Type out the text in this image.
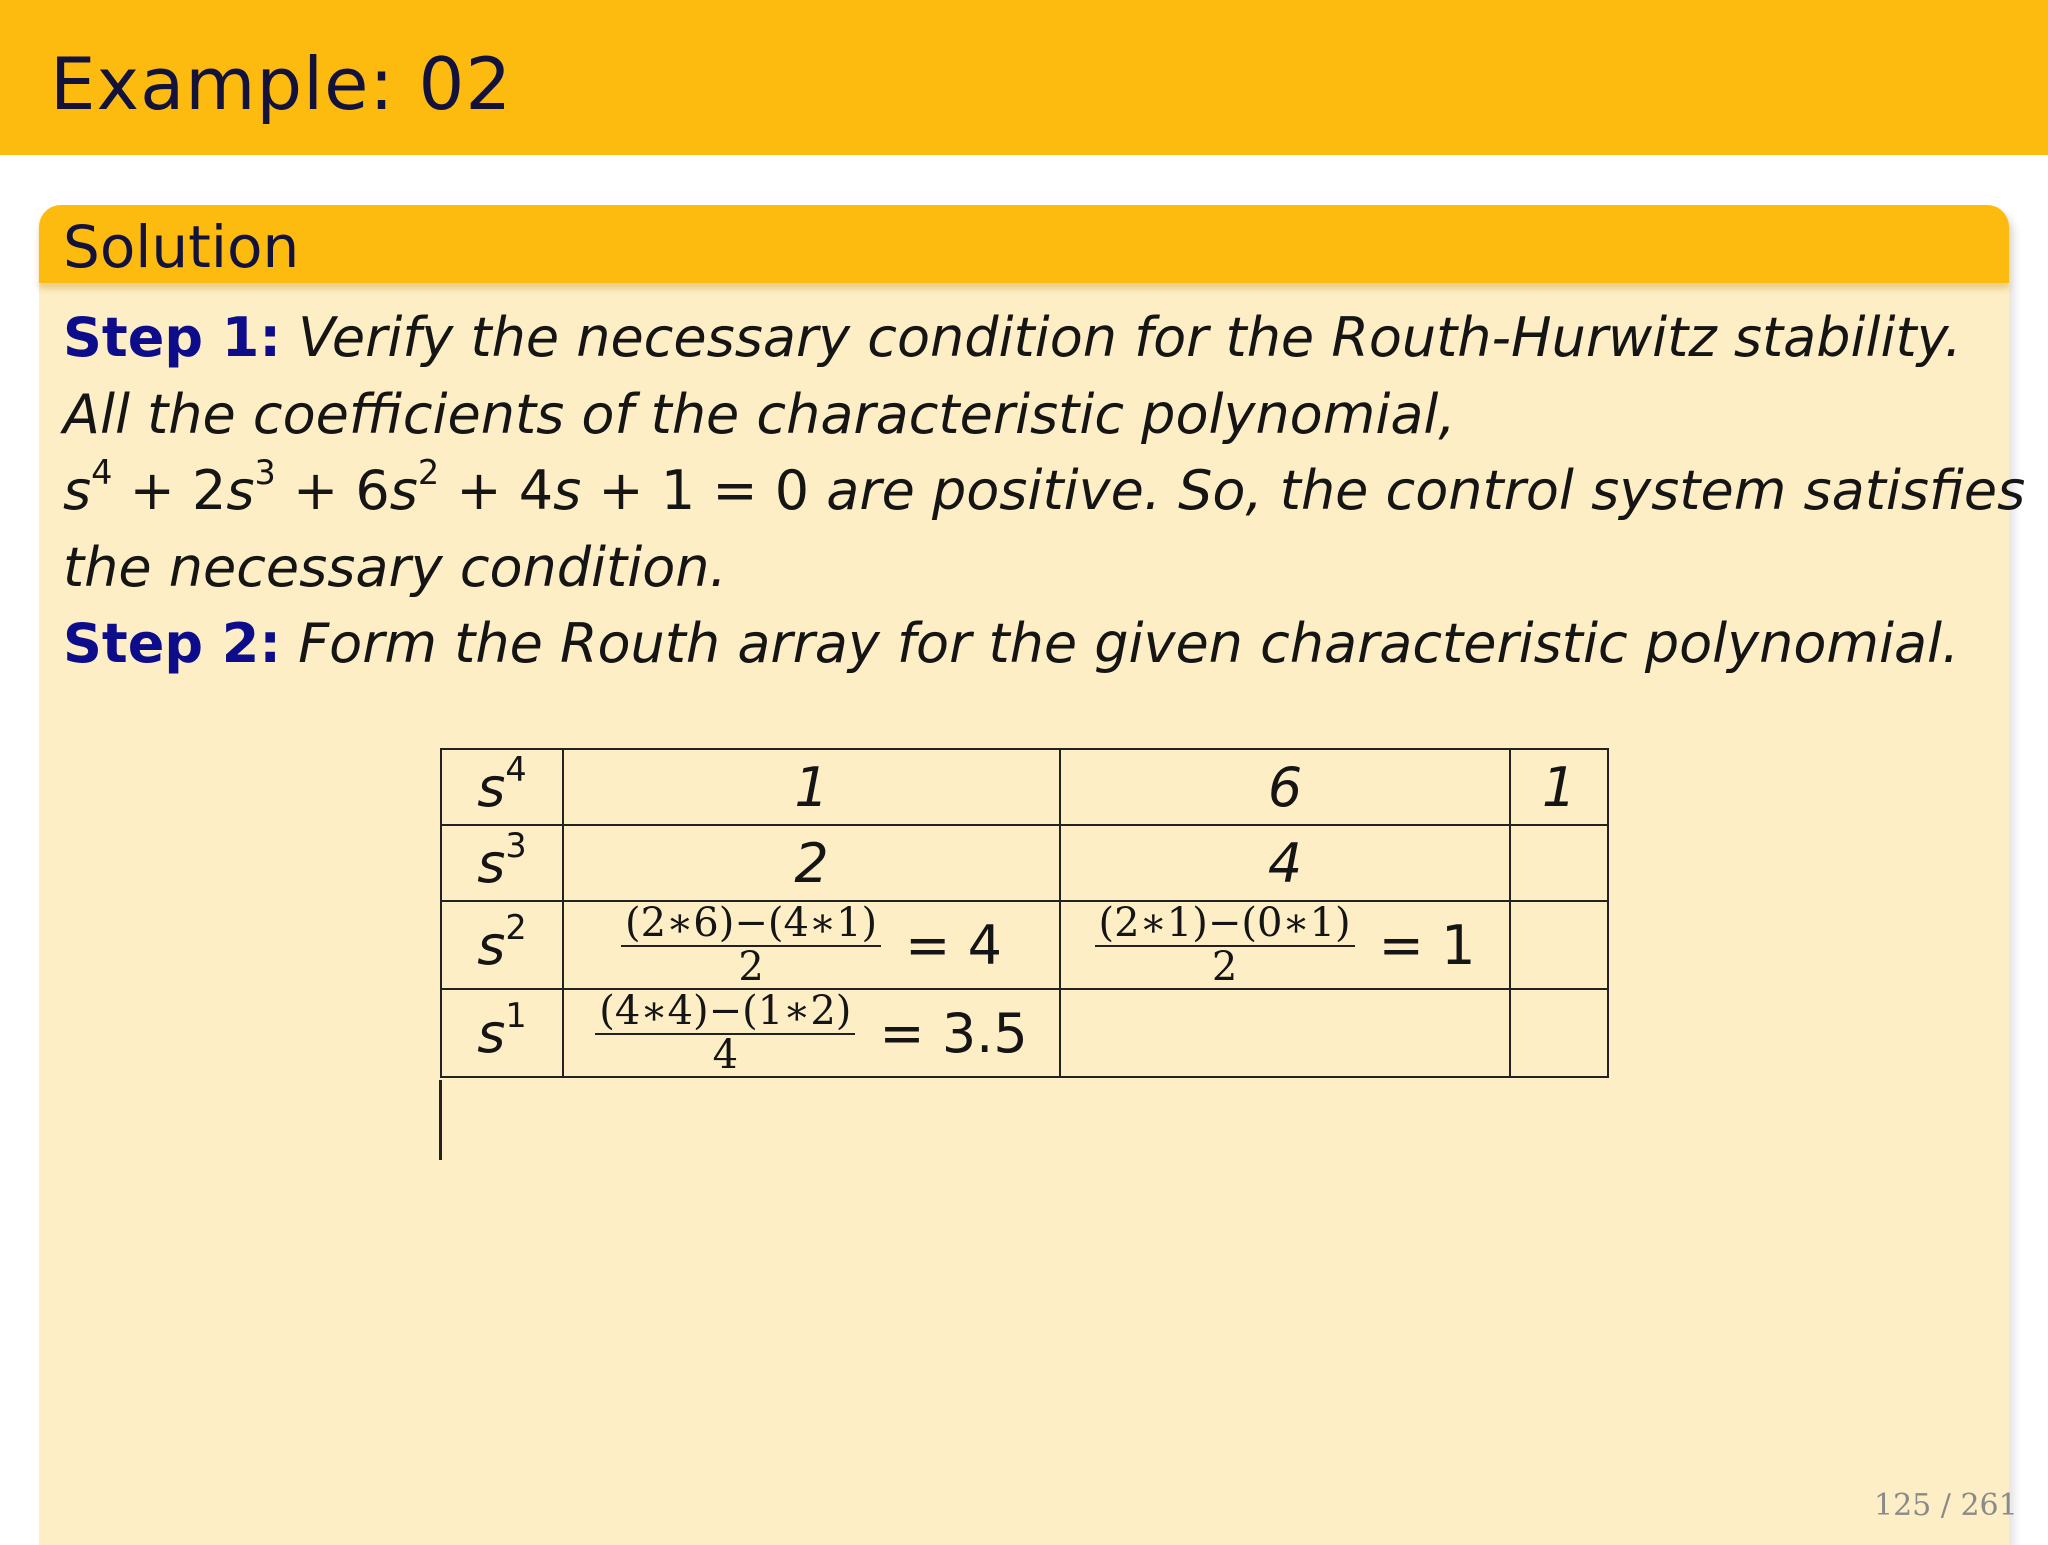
Example: 02
Solution
Step 1: Verify the necessary condition for the Routh-Hurwitz stability.
All the coefficients of the characteristic polynomial,
$s^4 + 2s^3 + 6s^2 + 4s + 1 = 0$ are positive. So, the control system satisfies
the necessary condition.
Step 2: Form the Routh array for the given characteristic polynomial.
$s^4$	1	6	1
$s^3$	2	4	
$s^2$	$\frac{(2∗6)-(4∗1)}{2} = 4$	$\frac{(2∗1)-(0∗1)}{2} = 1$	
$s^1$	$\frac{(4∗4)-(1∗2)}{4} = 3.5$		
125 / 261
